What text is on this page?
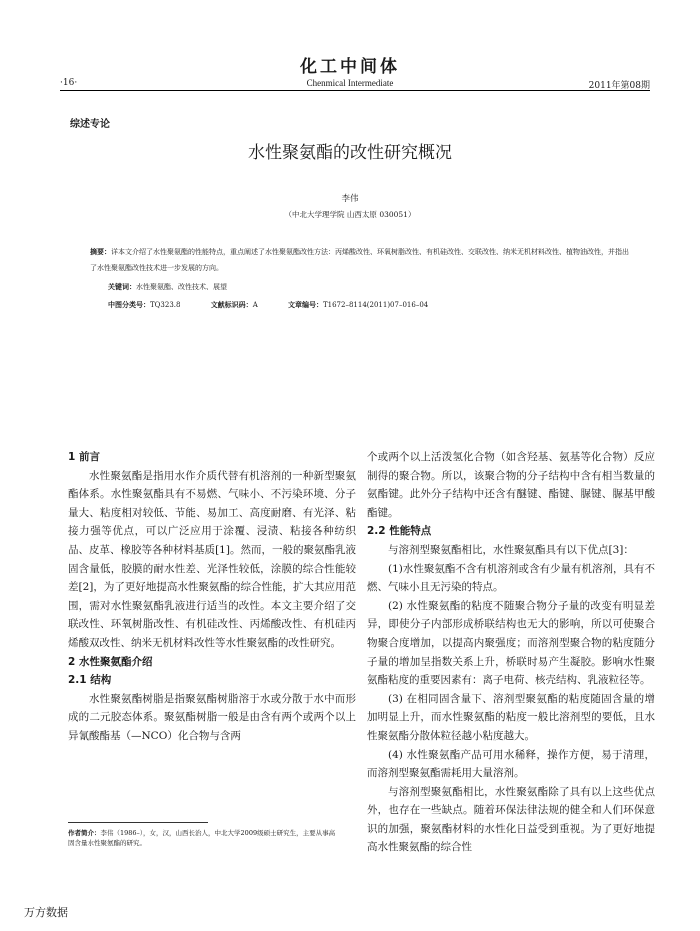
化工中间体
·16·	Chenmical Intermediate	2011年第08期
综述专论
水性聚氨酯的改性研究概况
李伟
（中北大学理学院 山西太原 030051）
摘要：详本文介绍了水性聚氨酯的性能特点，重点阐述了水性聚氨酯改性方法：丙烯酸改性、环氧树脂改性、有机硅改性、交联改性、纳米无机材料改性、植物油改性，并指出了水性聚氨酯改性技术进一步发展的方向。
关键词：水性聚氨酯、改性技术、展望
中图分类号：TQ323.8	文献标识码：A	文章编号：T1672–8114(2011)07–016–04
1 前言

水性聚氨酯是指用水作介质代替有机溶剂的一种新型聚氨酯体系。水性聚氨酯具有不易燃、气味小、不污染环境、分子量大、粘度相对较低、节能、易加工、高度耐磨、有光泽、粘接力强等优点，可以广泛应用于涂覆、浸渍、粘接各种纺织品、皮革、橡胶等各种材料基质[1]。然而，一般的聚氨酯乳液固含量低，胶膜的耐水性差、光泽性较低，涂膜的综合性能较差[2]，为了更好地提高水性聚氨酯的综合性能，扩大其应用范围，需对水性聚氨酯乳液进行适当的改性。本文主要介绍了交联改性、环氧树脂改性、有机硅改性、丙烯酸改性、有机硅丙烯酸双改性、纳米无机材料改性等水性聚氨酯的改性研究。

2 水性聚氨酯介绍
2.1 结构

水性聚氨酯树脂是指聚氨酯树脂溶于水或分散于水中而形成的二元胶态体系。聚氨酯树脂一般是由含有两个或两个以上异氰酸酯基（—NCO）化合物与含两

个或两个以上活泼氢化合物（如含羟基、氨基等化合物）反应制得的聚合物。所以，该聚合物的分子结构中含有相当数量的氨酯键。此外分子结构中还含有醚键、酯键、脲键、脲基甲酸酯键。

2.2 性能特点

与溶剂型聚氨酯相比，水性聚氨酯具有以下优点[3]：

(1)水性聚氨酯不含有机溶剂或含有少量有机溶剂，具有不燃、气味小且无污染的特点。

(2) 水性聚氨酯的粘度不随聚合物分子量的改变有明显差异，即使分子内部形成桥联结构也无大的影响，所以可使聚合物聚合度增加，以提高内聚强度；而溶剂型聚合物的粘度随分子量的增加呈指数关系上升，桥联时易产生凝胶。影响水性聚氨酯粘度的重要因素有：离子电荷、核壳结构、乳液粒径等。

(3) 在相同固含量下、溶剂型聚氨酯的粘度随固含量的增加明显上升，而水性聚氨酯的粘度一般比溶剂型的要低，且水性聚氨酯分散体粒径越小粘度越大。

(4) 水性聚氨酯产品可用水稀释，操作方便，易于清理，而溶剂型聚氨酯需耗用大量溶剂。

与溶剂型聚氨酯相比，水性聚氨酯除了具有以上这些优点外，也存在一些缺点。随着环保法律法规的健全和人们环保意识的加强，聚氨酯材料的水性化日益受到重视。为了更好地提高水性聚氨酯的综合性

作者简介：李伟（1986–），女，汉，山西长治人，中北大学2009级硕士研究生，主要从事高固含量水性聚氨酯的研究。
万方数据
